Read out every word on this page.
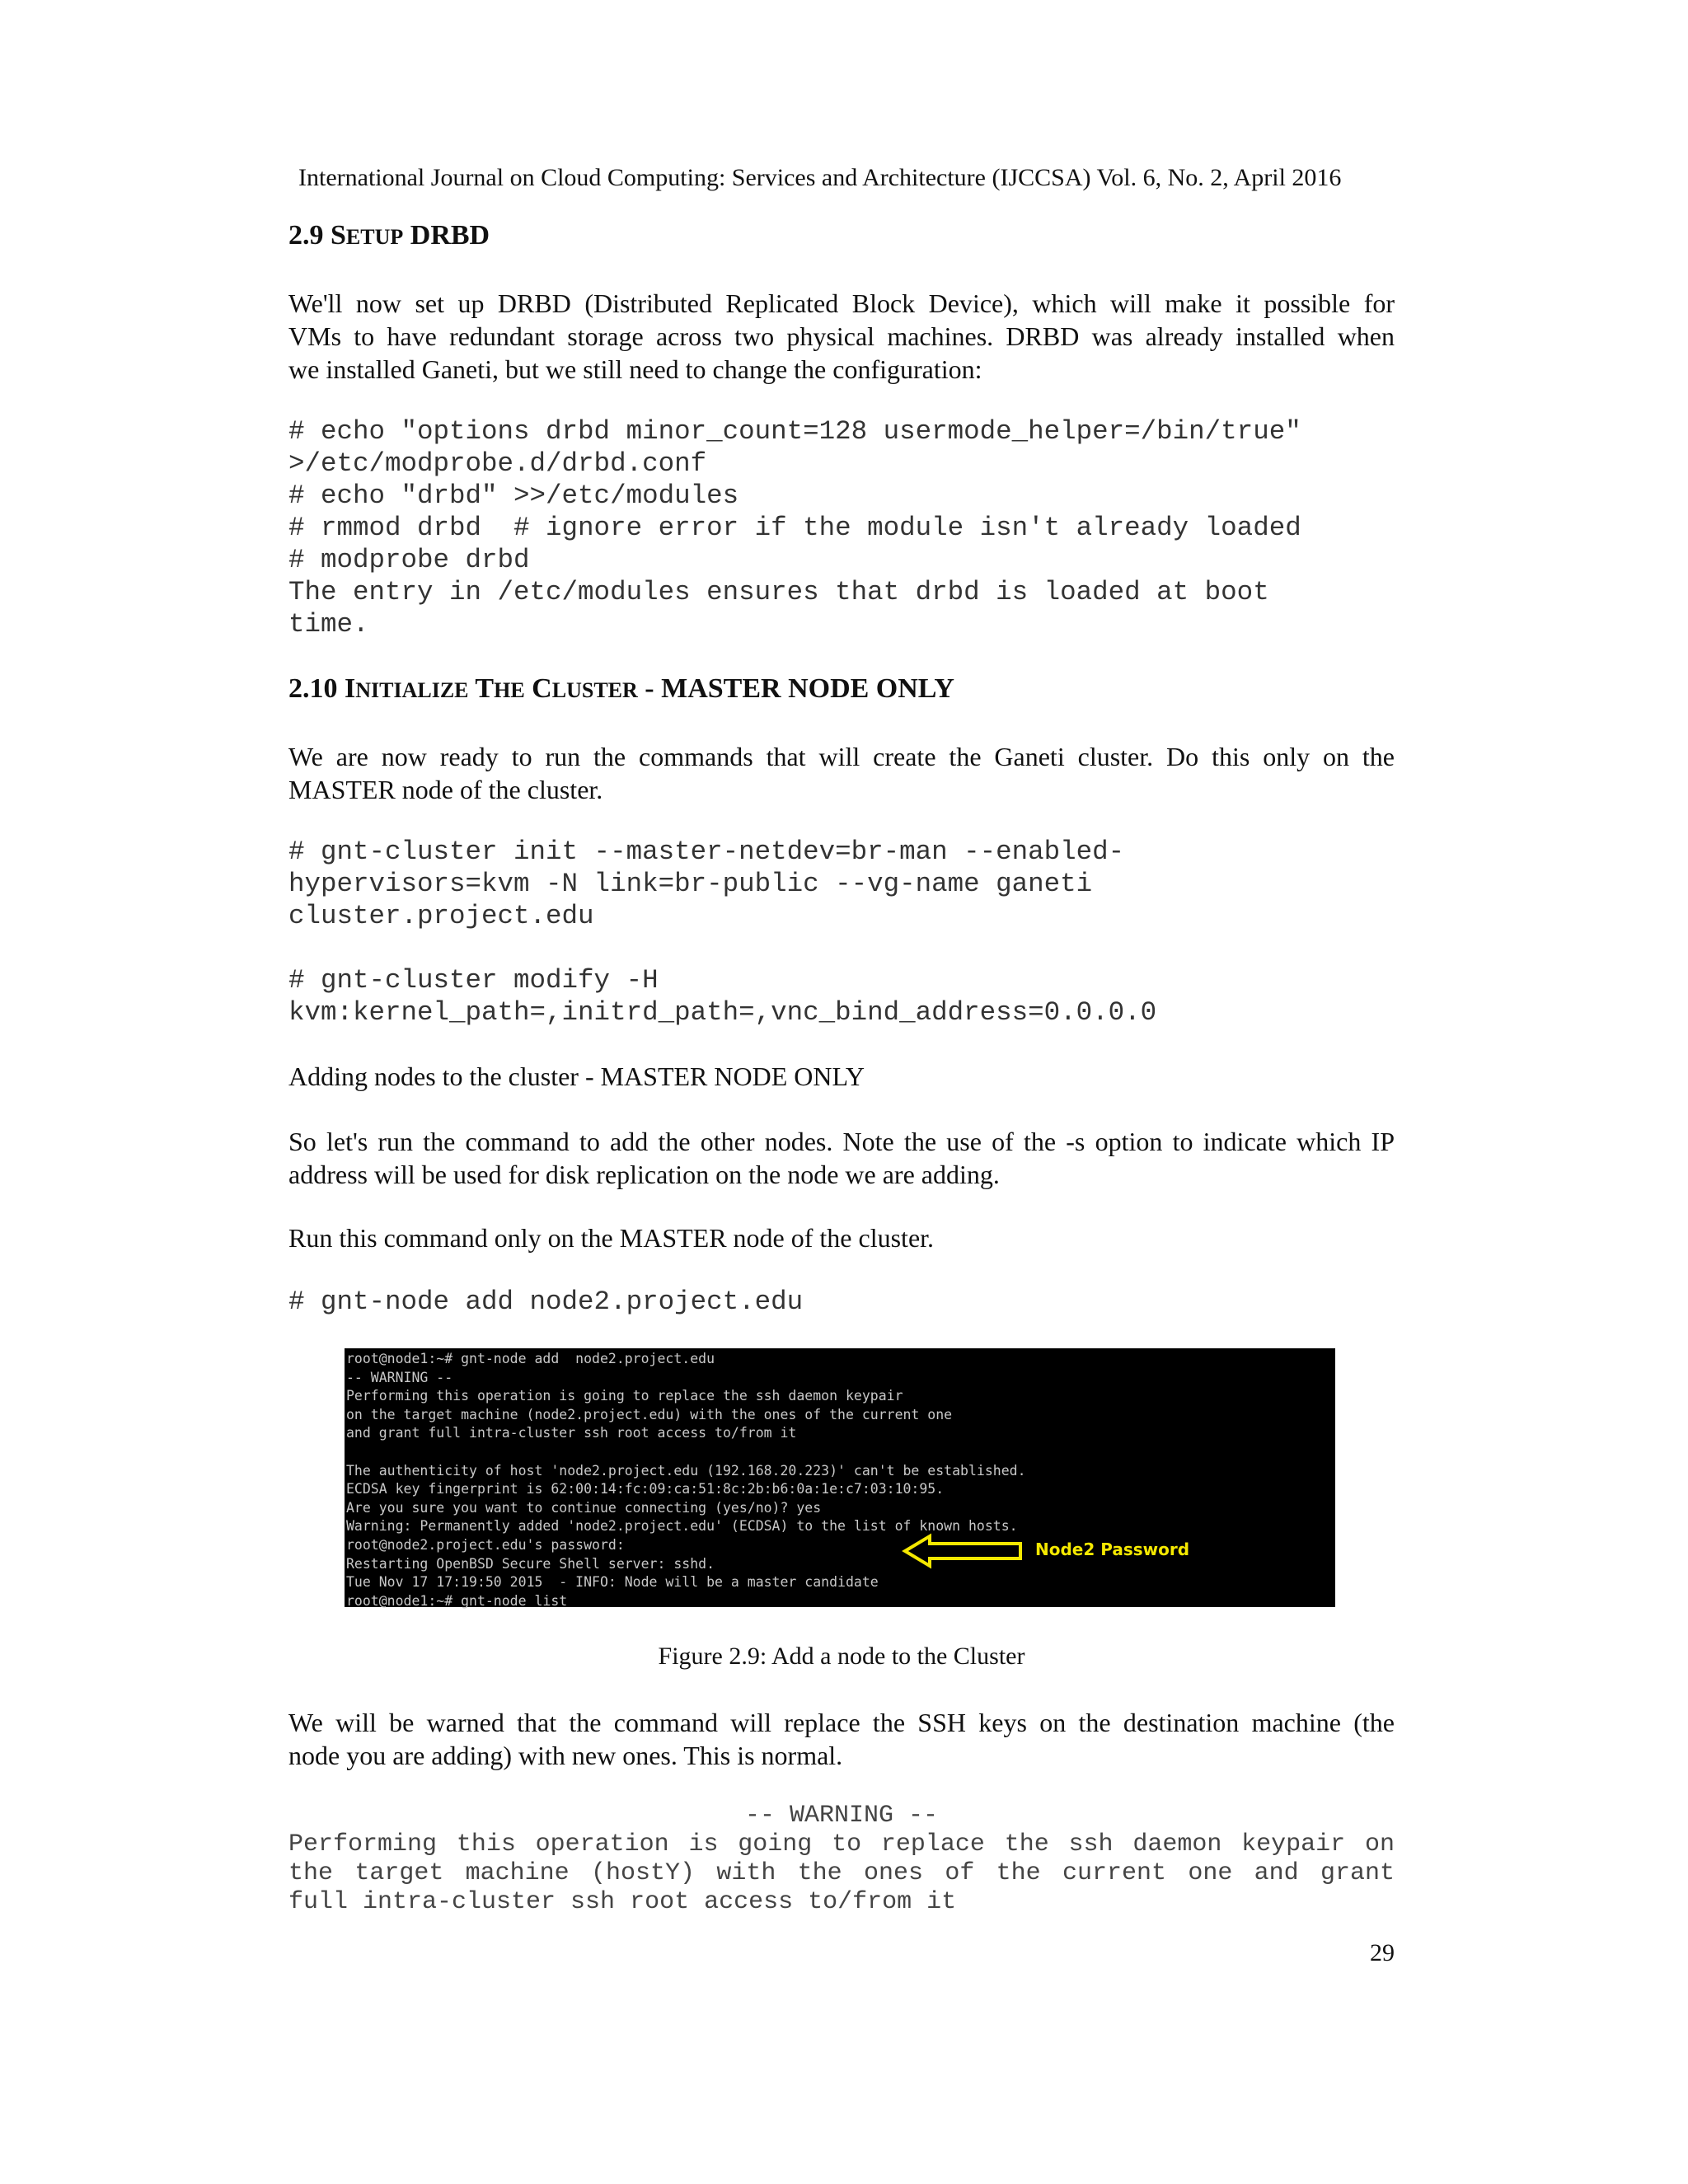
International Journal on Cloud Computing: Services and Architecture (IJCCSA) Vol. 6, No. 2, April 2016
2.9 SETUP DRBD
We'll now set up DRBD (Distributed Replicated Block Device), which will make it possible for
VMs to have redundant storage across two physical machines. DRBD was already installed when
we installed Ganeti, but we still need to change the configuration:
# echo "options drbd minor_count=128 usermode_helper=/bin/true"
>/etc/modprobe.d/drbd.conf
# echo "drbd" >>/etc/modules
# rmmod drbd  # ignore error if the module isn't already loaded
# modprobe drbd
The entry in /etc/modules ensures that drbd is loaded at boot
time.
2.10 INITIALIZE THE CLUSTER - MASTER NODE ONLY
We are now ready to run the commands that will create the Ganeti cluster. Do this only on the
MASTER node of the cluster.
# gnt-cluster init --master-netdev=br-man --enabled-
hypervisors=kvm -N link=br-public --vg-name ganeti
cluster.project.edu
# gnt-cluster modify -H
kvm:kernel_path=,initrd_path=,vnc_bind_address=0.0.0.0
Adding nodes to the cluster - MASTER NODE ONLY
So let's run the command to add the other nodes. Note the use of the -s option to indicate which IP
address will be used for disk replication on the node we are adding.
Run this command only on the MASTER node of the cluster.
# gnt-node add node2.project.edu
root@node1:~# gnt-node add  node2.project.edu
-- WARNING --
Performing this operation is going to replace the ssh daemon keypair
on the target machine (node2.project.edu) with the ones of the current one
and grant full intra-cluster ssh root access to/from it
The authenticity of host 'node2.project.edu (192.168.20.223)' can't be established.
ECDSA key fingerprint is 62:00:14:fc:09:ca:51:8c:2b:b6:0a:1e:c7:03:10:95.
Are you sure you want to continue connecting (yes/no)? yes
Warning: Permanently added 'node2.project.edu' (ECDSA) to the list of known hosts.
root@node2.project.edu's password:
Restarting OpenBSD Secure Shell server: sshd.
Tue Nov 17 17:19:50 2015  - INFO: Node will be a master candidate
root@node1:~# gnt-node list
Node2 Password
Figure 2.9: Add a node to the Cluster
We will be warned that the command will replace the SSH keys on the destination machine (the
node you are adding) with new ones. This is normal.
-- WARNING --
Performing this operation is going to replace the ssh daemon keypair on
the target machine (hostY) with the ones of the current one and grant
full intra-cluster ssh root access to/from it
29
